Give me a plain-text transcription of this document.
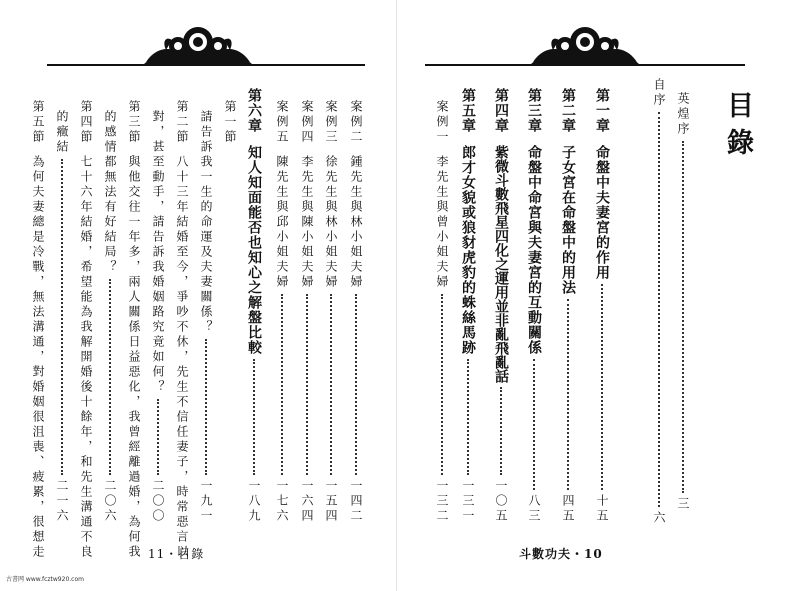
案例二
鍾先生與林小姐夫婦
一四二
案例三
徐先生與林小姐夫婦
一五四
案例四
李先生與陳小姐夫婦
一六四
案例五
陳先生與邱小姐夫婦
一七六
第六章
知人知面能否也知心之解盤比較
一八九
第一節
請告訴我一生的命運及夫妻關係？
一九一
第二節
八十三年結婚至今，爭吵不休，先生不信任妻子，時常惡言以
對，甚至動手，請告訴我婚姻路究竟如何？
二〇〇
第三節
與他交往一年多，兩人關係日益惡化，我曾經離過婚，為何我
的感情都無法有好結局？
二〇六
第四節
七十六年結婚，希望能為我解開婚後十餘年，和先生溝通不良
的癥結
二一六
第五節
為何夫妻總是冷戰，無法溝通，對婚姻很沮喪、疲累，很想走	11・目錄
目錄
英煌序
三
自序
六
第一章
命盤中夫妻宮的作用
十五
第二章
子女宮在命盤中的用法
四五
第三章
命盤中命宮與夫妻宮的互動關係
八三
第四章
紫微斗數飛星四化之運用並非亂飛亂話
一〇五
第五章
郎才女貌或狼豺虎豹的蛛絲馬跡
一三一
案例一
李先生與曾小姐夫婦
一三二
斗數功夫・10
古書网 www.fcztw920.com
